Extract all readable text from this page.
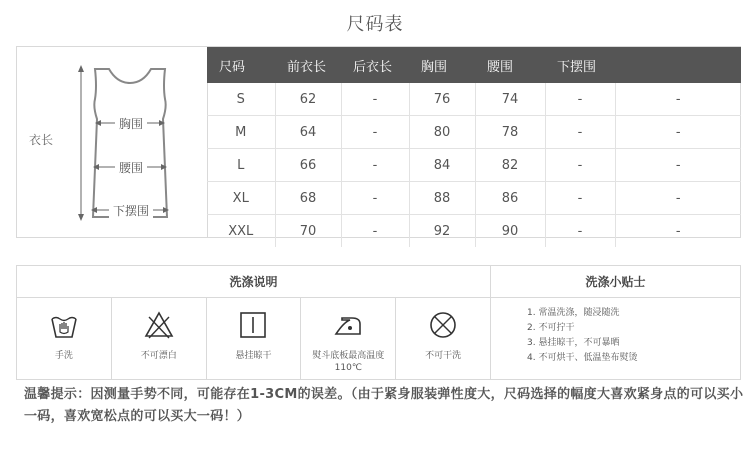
尺码表
胸围
腰围
下摆围
衣长
尺码	前衣长	后衣长	胸围	腰围	下摆围	
S	62	-	76	74	-	-
M	64	-	80	78	-	-
L	66	-	84	82	-	-
XL	68	-	88	86	-	-
XXL	70	-	92	90	-	-
洗涤说明	洗涤小贴士
手洗	不可漂白	悬挂晾干	熨斗底板最高温度110℃
不可干洗
1. 常温洗涤，随浸随洗
2. 不可拧干
3. 悬挂晾干，不可暴晒
4. 不可烘干、低温垫布熨烫
温馨提示：因测量手势不同，可能存在1-3CM的误差。（由于紧身服装弹性度大，尺码选择的幅度大喜欢紧身点的可以买小一码，喜欢宽松点的可以买大一码！）
